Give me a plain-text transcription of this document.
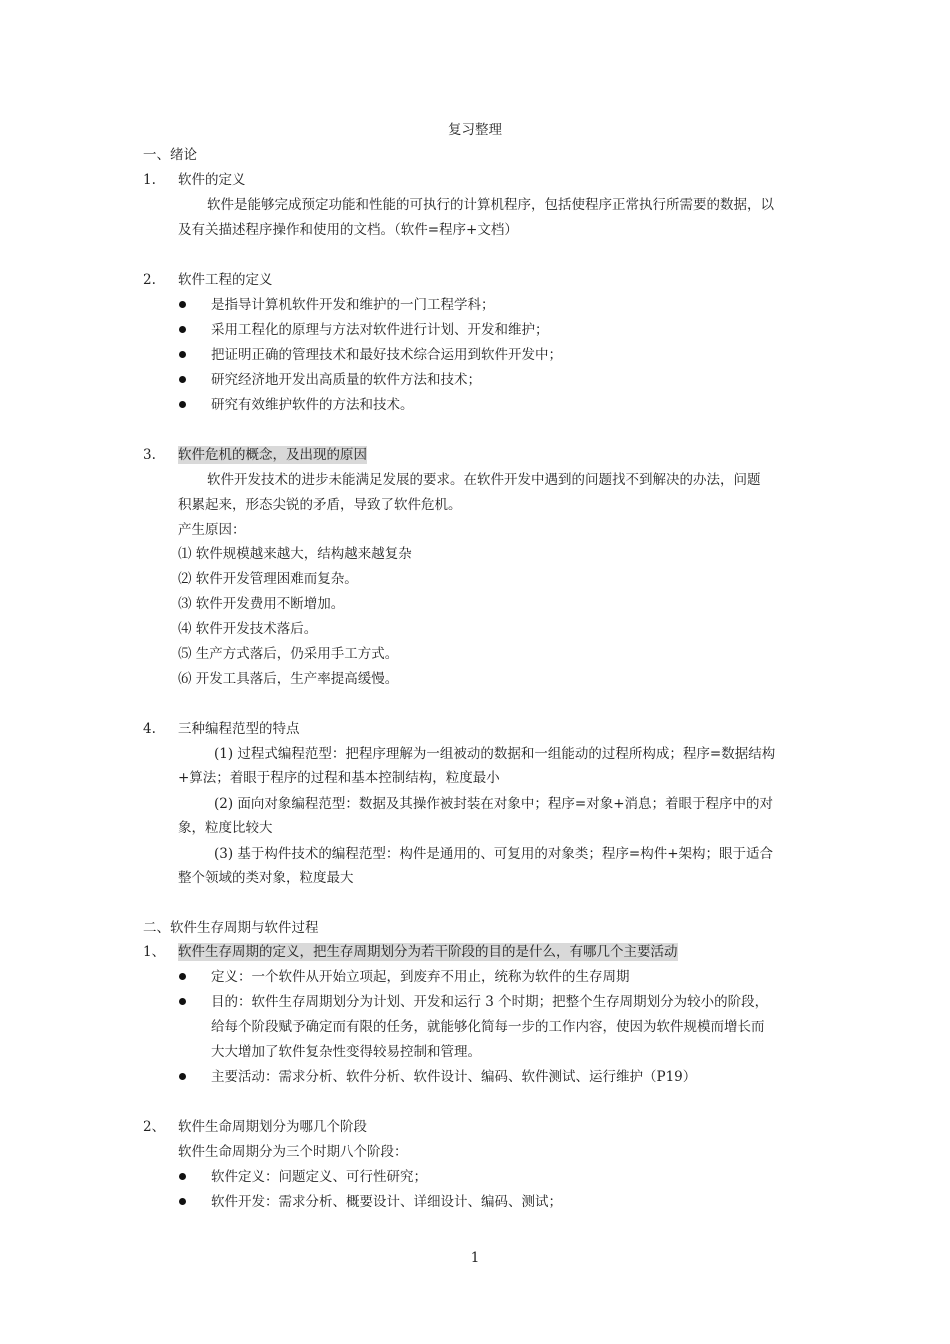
复习整理
一、绪论
1. 软件的定义
软件是能够完成预定功能和性能的可执行的计算机程序，包括使程序正常执行所需要的数据，以
及有关描述程序操作和使用的文档。（软件=程序+文档）
2. 软件工程的定义
是指导计算机软件开发和维护的一门工程学科；
采用工程化的原理与方法对软件进行计划、开发和维护；
把证明正确的管理技术和最好技术综合运用到软件开发中；
研究经济地开发出高质量的软件方法和技术；
研究有效维护软件的方法和技术。
3. 软件危机的概念，及出现的原因
软件开发技术的进步未能满足发展的要求。在软件开发中遇到的问题找不到解决的办法，问题
积累起来，形态尖锐的矛盾，导致了软件危机。
产生原因：
⑴ 软件规模越来越大，结构越来越复杂
⑵ 软件开发管理困难而复杂。
⑶ 软件开发费用不断增加。
⑷ 软件开发技术落后。
⑸ 生产方式落后，仍采用手工方式。
⑹ 开发工具落后，生产率提高缓慢。
4. 三种编程范型的特点
(1) 过程式编程范型：把程序理解为一组被动的数据和一组能动的过程所构成；程序=数据结构
+算法；着眼于程序的过程和基本控制结构，粒度最小
(2) 面向对象编程范型：数据及其操作被封装在对象中；程序=对象+消息；着眼于程序中的对
象，粒度比较大
(3) 基于构件技术的编程范型：构件是通用的、可复用的对象类；程序=构件+架构；眼于适合
整个领域的类对象，粒度最大
二、软件生存周期与软件过程
1、 软件生存周期的定义，把生存周期划分为若干阶段的目的是什么，有哪几个主要活动
定义：一个软件从开始立项起，到废弃不用止，统称为软件的生存周期
目的：软件生存周期划分为计划、开发和运行 3 个时期；把整个生存周期划分为较小的阶段，
给每个阶段赋予确定而有限的任务，就能够化简每一步的工作内容，使因为软件规模而增长而
大大增加了软件复杂性变得较易控制和管理。
主要活动：需求分析、软件分析、软件设计、编码、软件测试、运行维护（P19）
2、 软件生命周期划分为哪几个阶段
软件生命周期分为三个时期八个阶段：
软件定义：问题定义、可行性研究；
软件开发：需求分析、概要设计、详细设计、编码、测试；
1
